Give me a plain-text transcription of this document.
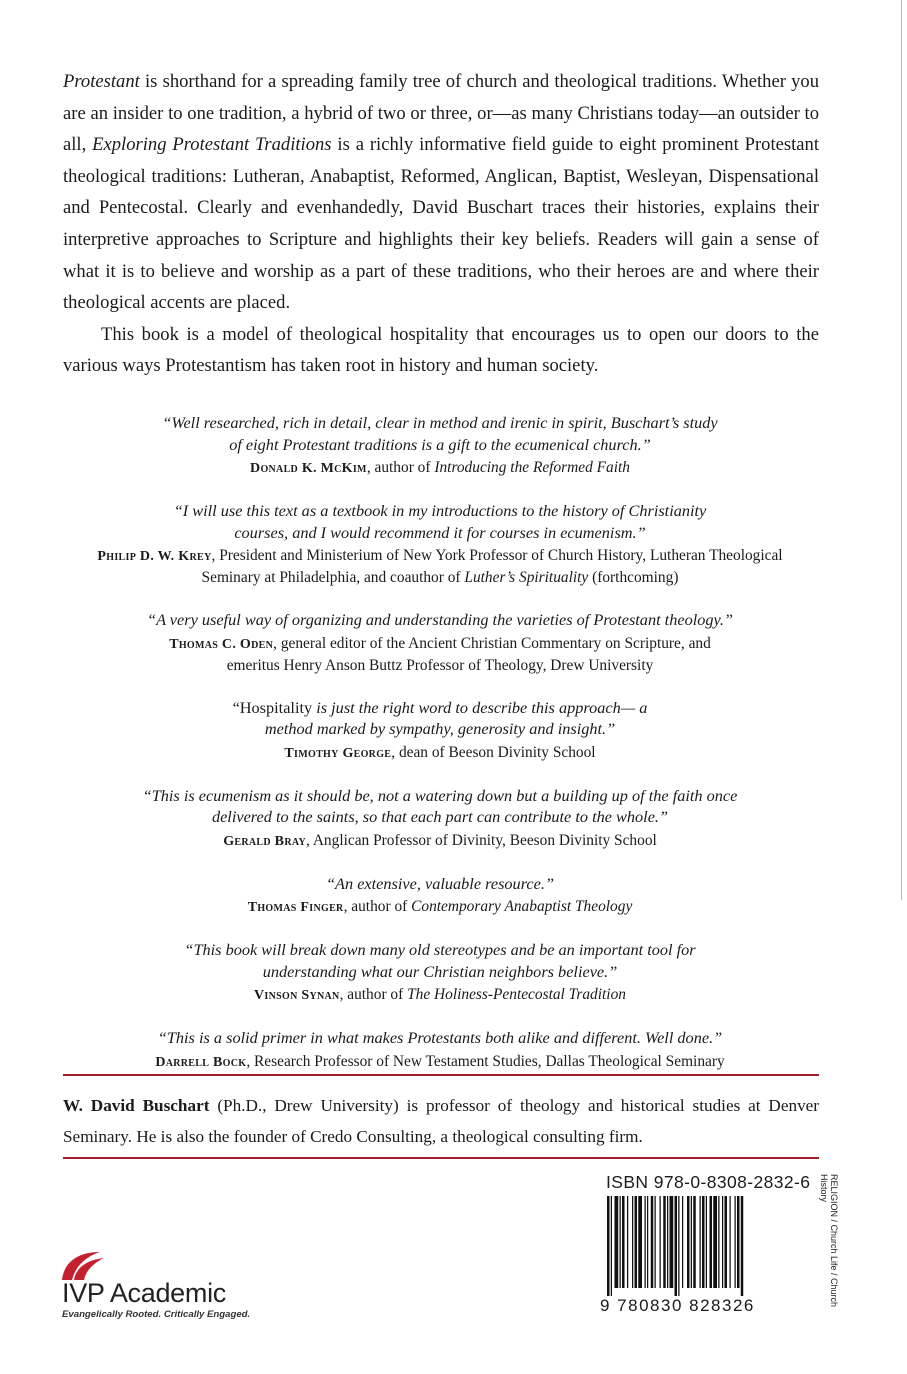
Protestant is shorthand for a spreading family tree of church and theological traditions. Whether you are an insider to one tradition, a hybrid of two or three, or—as many Christians today—an outsider to all, Exploring Protestant Traditions is a richly informative field guide to eight prominent Protestant theological traditions: Lutheran, Anabaptist, Reformed, Anglican, Baptist, Wesleyan, Dispensational and Pentecostal. Clearly and evenhandedly, David Buschart traces their histories, explains their interpretive approaches to Scripture and highlights their key beliefs. Readers will gain a sense of what it is to believe and worship as a part of these traditions, who their heroes are and where their theological accents are placed.

This book is a model of theological hospitality that encourages us to open our doors to the various ways Protestantism has taken root in history and human society.

“Well researched, rich in detail, clear in method and irenic in spirit, Buschart’s study of eight Protestant traditions is a gift to the ecumenical church.”
Donald K. McKim, author of Introducing the Reformed Faith
“I will use this text as a textbook in my introductions to the history of Christianity courses, and I would recommend it for courses in ecumenism.”
Philip D. W. Krey, President and Ministerium of New York Professor of Church History, Lutheran Theological Seminary at Philadelphia, and coauthor of Luther’s Spirituality (forthcoming)
“A very useful way of organizing and understanding the varieties of Protestant theology.”
Thomas C. Oden, general editor of the Ancient Christian Commentary on Scripture, and emeritus Henry Anson Buttz Professor of Theology, Drew University
“Hospitality is just the right word to describe this approach— a method marked by sympathy, generosity and insight.”
Timothy George, dean of Beeson Divinity School
“This is ecumenism as it should be, not a watering down but a building up of the faith once delivered to the saints, so that each part can contribute to the whole.”
Gerald Bray, Anglican Professor of Divinity, Beeson Divinity School
“An extensive, valuable resource.”
Thomas Finger, author of Contemporary Anabaptist Theology
“This book will break down many old stereotypes and be an important tool for understanding what our Christian neighbors believe.”
Vinson Synan, author of The Holiness-Pentecostal Tradition
“This is a solid primer in what makes Protestants both alike and different. Well done.”
Darrell Bock, Research Professor of New Testament Studies, Dallas Theological Seminary
W. David Buschart (Ph.D., Drew University) is professor of theology and historical studies at Denver Seminary. He is also the founder of Credo Consulting, a theological consulting firm.
ISBN 978-0-8308-2832-6
9 780830 828326	RELIGION / Church Life / Church
History
IVP Academic
Evangelically Rooted. Critically Engaged.
